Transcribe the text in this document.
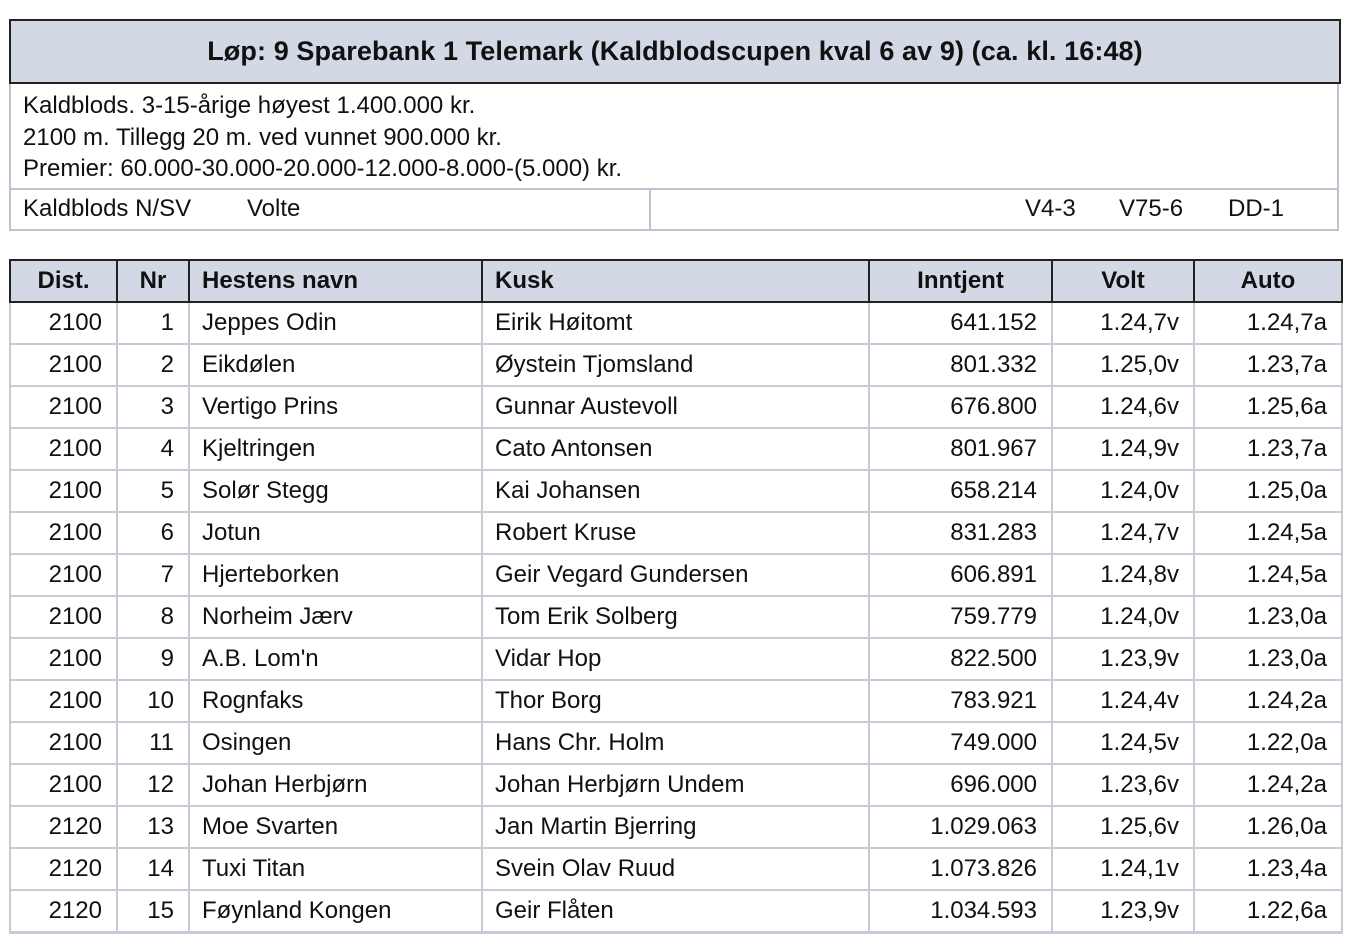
Løp: 9 Sparebank 1 Telemark (Kaldblodscupen kval 6 av 9) (ca. kl. 16:48)
Kaldblods. 3-15-årige høyest 1.400.000 kr.
2100 m. Tillegg 20 m. ved vunnet 900.000 kr.
Premier: 60.000-30.000-20.000-12.000-8.000-(5.000) kr.
Kaldblods N/SV Volte	V4-3 V75-6 DD-1
Dist.	Nr	Hestens navn	Kusk	Inntjent	Volt	Auto
2100	1	Jeppes Odin	Eirik Høitomt	641.152	1.24,7v	1.24,7a
2100	2	Eikdølen	Øystein Tjomsland	801.332	1.25,0v	1.23,7a
2100	3	Vertigo Prins	Gunnar Austevoll	676.800	1.24,6v	1.25,6a
2100	4	Kjeltringen	Cato Antonsen	801.967	1.24,9v	1.23,7a
2100	5	Solør Stegg	Kai Johansen	658.214	1.24,0v	1.25,0a
2100	6	Jotun	Robert Kruse	831.283	1.24,7v	1.24,5a
2100	7	Hjerteborken	Geir Vegard Gundersen	606.891	1.24,8v	1.24,5a
2100	8	Norheim Jærv	Tom Erik Solberg	759.779	1.24,0v	1.23,0a
2100	9	A.B. Lom'n	Vidar Hop	822.500	1.23,9v	1.23,0a
2100	10	Rognfaks	Thor Borg	783.921	1.24,4v	1.24,2a
2100	11	Osingen	Hans Chr. Holm	749.000	1.24,5v	1.22,0a
2100	12	Johan Herbjørn	Johan Herbjørn Undem	696.000	1.23,6v	1.24,2a
2120	13	Moe Svarten	Jan Martin Bjerring	1.029.063	1.25,6v	1.26,0a
2120	14	Tuxi Titan	Svein Olav Ruud	1.073.826	1.24,1v	1.23,4a
2120	15	Føynland Kongen	Geir Flåten	1.034.593	1.23,9v	1.22,6a
